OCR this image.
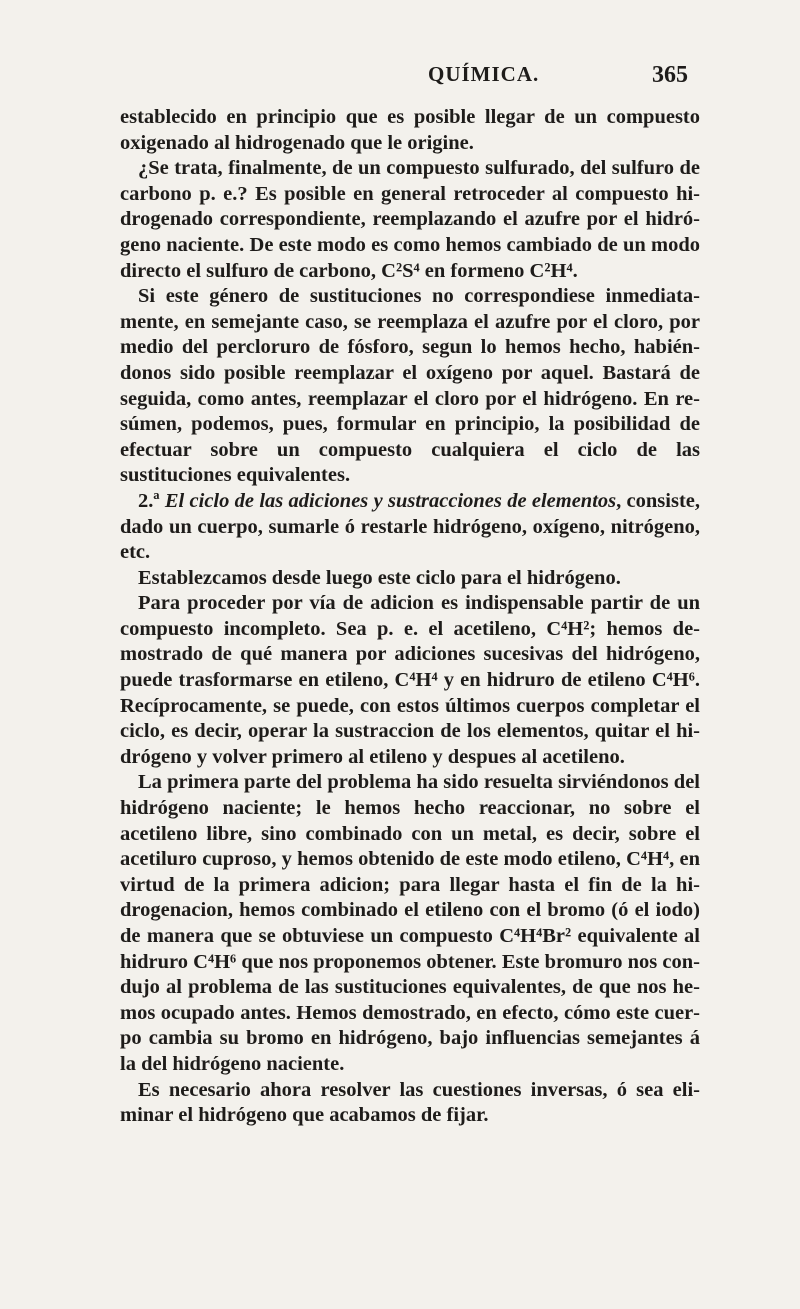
QUÍMICA.	365

establecido en principio que es posible llegar de un compuesto oxigenado al hidrogenado que le origine.

¿Se trata, finalmente, de un compuesto sulfurado, del sulfuro de carbono p. e.? Es posible en general retroceder al compuesto hidrogenado correspondiente, reemplazando el azufre por el hidrógeno naciente. De este modo es como hemos cambiado de un modo directo el sulfuro de carbono, C²S⁴ en formeno C²H⁴.

Si este género de sustituciones no correspondiese inmediatamente, en semejante caso, se reemplaza el azufre por el cloro, por medio del percloruro de fósforo, segun lo hemos hecho, habiéndonos sido posible reemplazar el oxígeno por aquel. Bastará de seguida, como antes, reemplazar el cloro por el hidrógeno. En resúmen, podemos, pues, formular en principio, la posibilidad de efectuar sobre un compuesto cualquiera el ciclo de las sustituciones equivalentes.

2.ª El ciclo de las adiciones y sustracciones de elementos, consiste, dado un cuerpo, sumarle ó restarle hidrógeno, oxígeno, nitrógeno, etc.

Establezcamos desde luego este ciclo para el hidrógeno.

Para proceder por vía de adicion es indispensable partir de un compuesto incompleto. Sea p. e. el acetileno, C⁴H²; hemos demostrado de qué manera por adiciones sucesivas del hidrógeno, puede trasformarse en etileno, C⁴H⁴ y en hidruro de etileno C⁴H⁶. Recíprocamente, se puede, con estos últimos cuerpos completar el ciclo, es decir, operar la sustraccion de los elementos, quitar el hidrógeno y volver primero al etileno y despues al acetileno.

La primera parte del problema ha sido resuelta sirviéndonos del hidrógeno naciente; le hemos hecho reaccionar, no sobre el acetileno libre, sino combinado con un metal, es decir, sobre el acetiluro cuproso, y hemos obtenido de este modo etileno, C⁴H⁴, en virtud de la primera adicion; para llegar hasta el fin de la hidrogenacion, hemos combinado el etileno con el bromo (ó el iodo) de manera que se obtuviese un compuesto C⁴H⁴Br² equivalente al hidruro C⁴H⁶ que nos proponemos obtener. Este bromuro nos condujo al problema de las sustituciones equivalentes, de que nos hemos ocupado antes. Hemos demostrado, en efecto, cómo este cuerpo cambia su bromo en hidrógeno, bajo influencias semejantes á la del hidrógeno naciente.

Es necesario ahora resolver las cuestiones inversas, ó sea eliminar el hidrógeno que acabamos de fijar.
